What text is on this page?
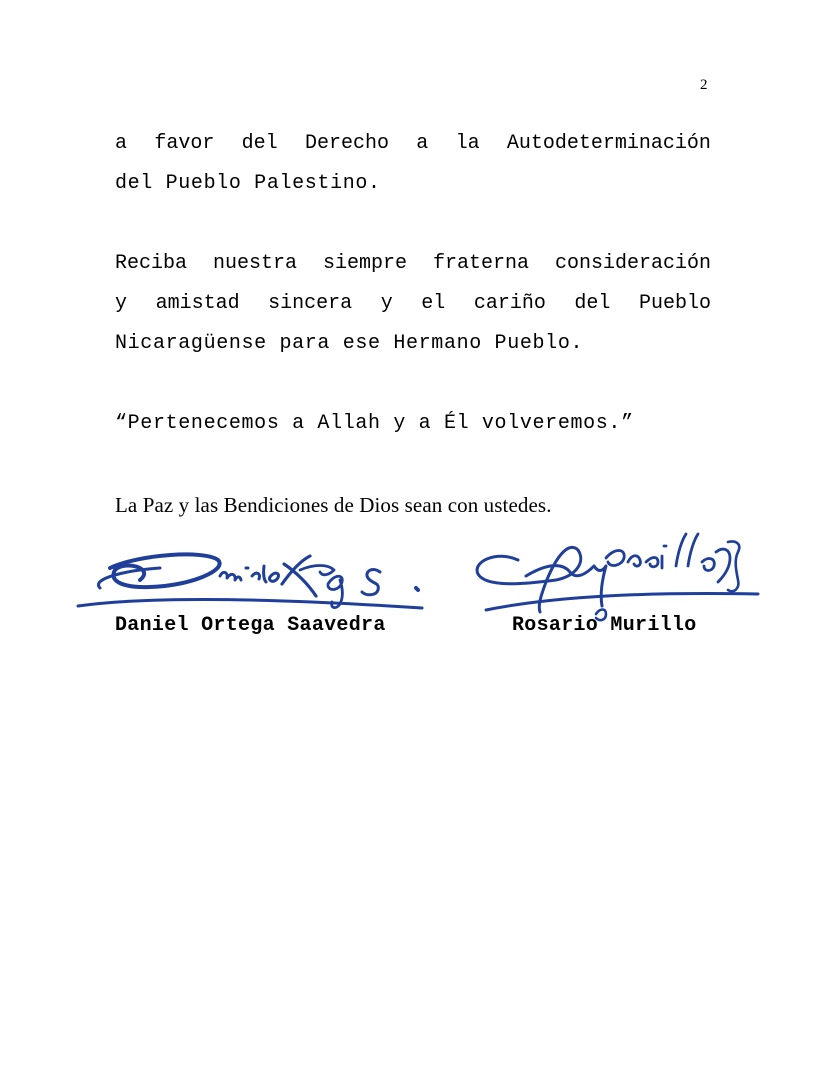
2
a favor del Derecho a la Autodeterminación
del Pueblo Palestino.
Reciba nuestra siempre fraterna consideración
y amistad sincera y el cariño del Pueblo
Nicaragüense para ese Hermano Pueblo.
“Pertenecemos a Allah y a Él volveremos.”
La Paz y las Bendiciones de Dios sean con ustedes.
Daniel Ortega Saavedra	Rosario Murillo
